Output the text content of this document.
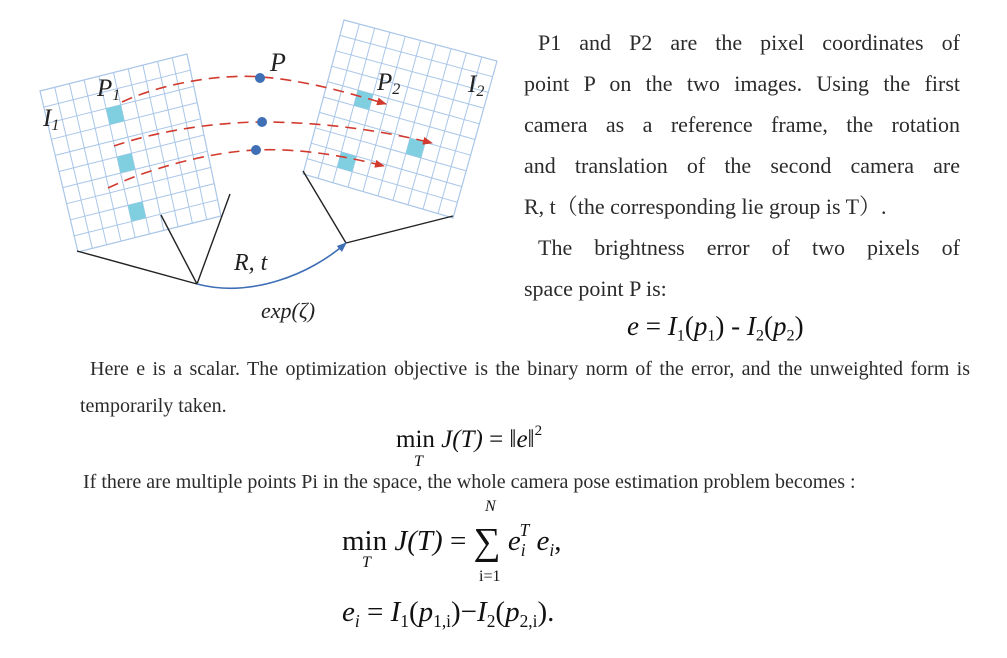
P
P1	P2
I1
I2
R, t
exp(ζ)
P1 and P2 are the pixel coordinates of
point P on the two images. Using the first
camera as a reference frame, the rotation
and translation of the second camera are
R, t（the corresponding lie group is T）.
The brightness error of two pixels of
space point P is:
$e = I_1(p_1) - I_2(p_2)$

Here e is a scalar. The optimization objective is the binary norm of the error, and the unweighted form is temporarily taken.

min J(T) = ‖e‖$^2$
T

If there are multiple points Pi in the space, the whole camera pose estimation problem becomes :

min J(T) = ∑ $e_i^T$ $e_i$,
T
N
i=1
$e_i = I_1(p_{1,i})-I_2(p_{2,i})$.
